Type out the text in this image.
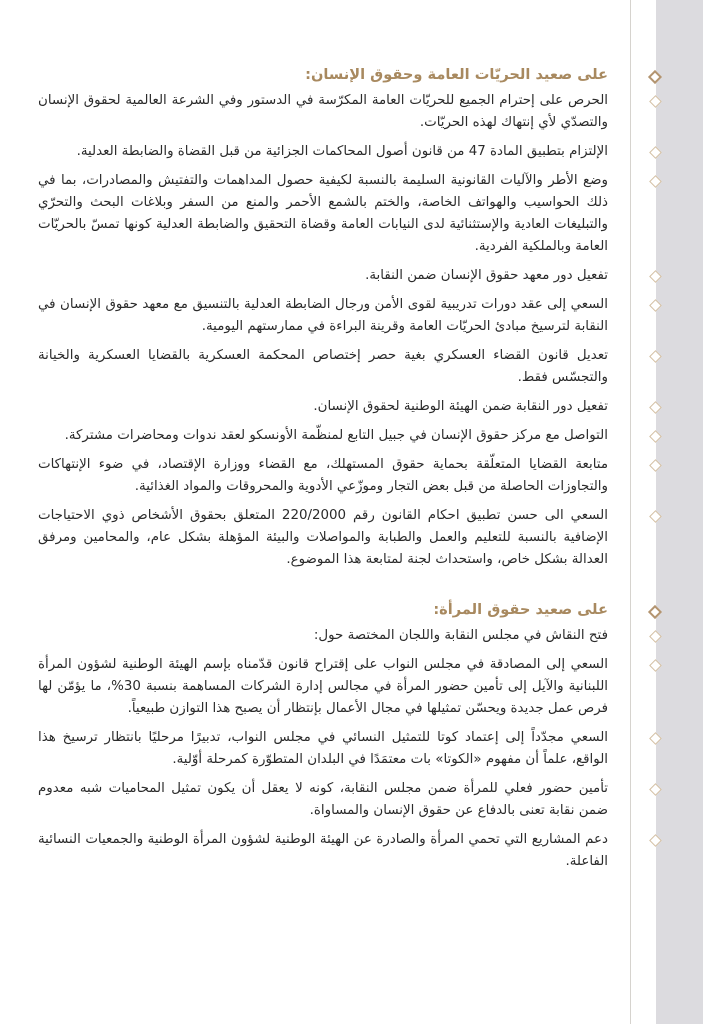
على صعيد الحريّات العامة وحقوق الإنسان:
الحرص على إحترام الجميع للحريّات العامة المكرّسة في الدستور وفي الشرعة العالمية لحقوق الإنسان والتصدّي لأي إنتهاك لهذه الحريّات.
الإلتزام بتطبيق المادة 47 من قانون أصول المحاكمات الجزائية من قبل القضاة والضابطة العدلية.
وضع الأطر والآليات القانونية السليمة بالنسبة لكيفية حصول المداهمات والتفتيش والمصادرات، بما في ذلك الحواسيب والهواتف الخاصة، والختم بالشمع الأحمر والمنع من السفر وبلاغات البحث والتحرّي والتبليغات العادية والإستثنائية لدى النيابات العامة وقضاة التحقيق والضابطة العدلية كونها تمسّ بالحريّات العامة وبالملكية الفردية.
تفعيل دور معهد حقوق الإنسان ضمن النقابة.
السعي إلى عقد دورات تدريبية لقوى الأمن ورجال الضابطة العدلية بالتنسيق مع معهد حقوق الإنسان في النقابة لترسيخ مبادئ الحريّات العامة وقرينة البراءة في ممارستهم اليومية.
تعديل قانون القضاء العسكري بغية حصر إختصاص المحكمة العسكرية بالقضايا العسكرية والخيانة والتجسّس فقط.
تفعيل دور النقابة ضمن الهيئة الوطنية لحقوق الإنسان.
التواصل مع مركز حقوق الإنسان في جبيل التابع لمنظّمة الأونسكو لعقد ندوات ومحاضرات مشتركة.
متابعة القضايا المتعلّقة بحماية حقوق المستهلك، مع القضاء ووزارة الإقتصاد، في ضوء الإنتهاكات والتجاوزات الحاصلة من قبل بعض التجار وموزّعي الأدوية والمحروقات والمواد الغذائية.
السعي الى حسن تطبيق احكام القانون رقم 220/2000 المتعلق بحقوق الأشخاص ذوي الاحتياجات الإضافية بالنسبة للتعليم والعمل والطبابة والمواصلات والبيئة المؤهلة بشكل عام، والمحامين ومرفق العدالة بشكل خاص، واستحداث لجنة لمتابعة هذا الموضوع.
على صعيد حقوق المرأة:
فتح النقاش في مجلس النقابة واللجان المختصة حول:
السعي إلى المصادقة في مجلس النواب على إقتراح قانون قدّمناه بإسم الهيئة الوطنية لشؤون المرأة اللبنانية والآيل إلى تأمين حضور المرأة في مجالس إدارة الشركات المساهمة بنسبة 30%، ما يؤمّن لها فرص عمل جديدة ويحسّن تمثيلها في مجال الأعمال بإنتظار أن يصبح هذا التوازن طبيعياً.
السعي مجدّداً إلى إعتماد كوتا للتمثيل النسائي في مجلس النواب، تدبيرًا مرحليًا بانتظار ترسيخ هذا الواقع، علماً أن مفهوم «الكوتا» بات معتمَدًا في البلدان المتطوّرة كمرحلة أوّلية.
تأمين حضور فعلي للمرأة ضمن مجلس النقابة، كونه لا يعقل أن يكون تمثيل المحاميات شبه معدوم ضمن نقابة تعنى بالدفاع عن حقوق الإنسان والمساواة.
دعم المشاريع التي تحمي المرأة والصادرة عن الهيئة الوطنية لشؤون المرأة الوطنية والجمعيات النسائية الفاعلة.
